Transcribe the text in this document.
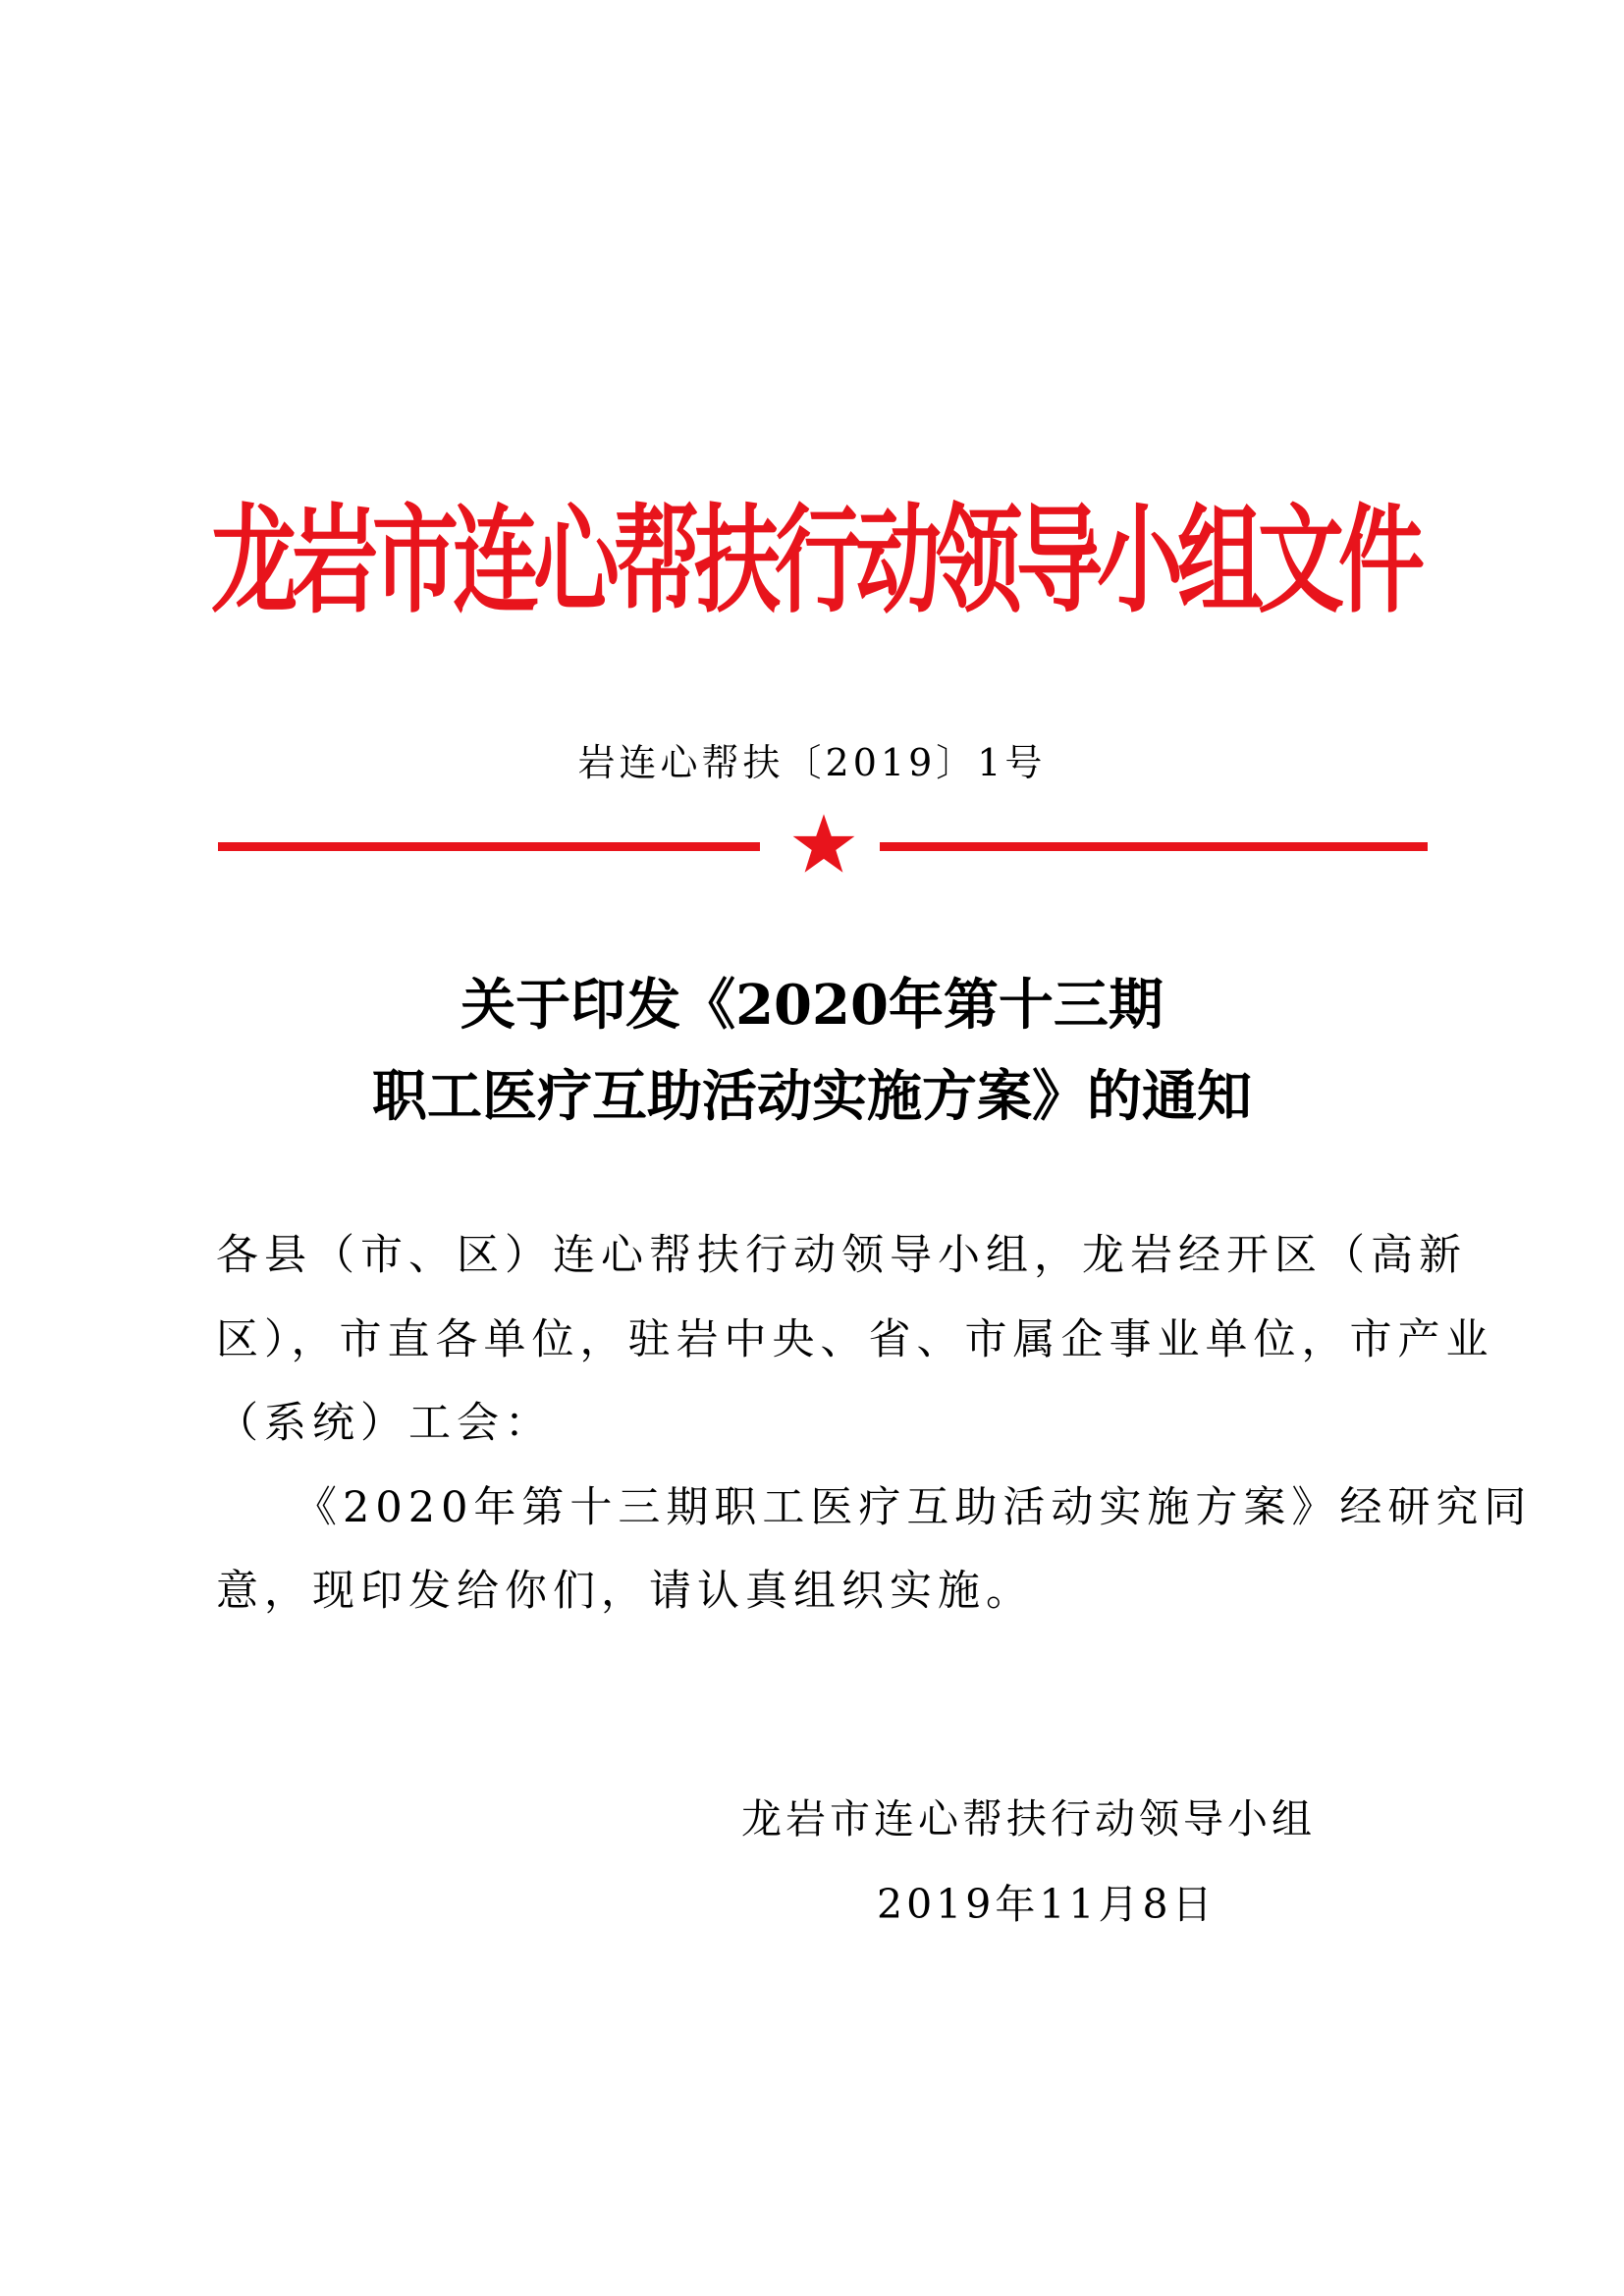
龙岩市连心帮扶行动领导小组文件
岩连心帮扶〔2019〕1号
关于印发《2020年第十三期
职工医疗互助活动实施方案》的通知
各县（市、区）连心帮扶行动领导小组，龙岩经开区（高新
区），市直各单位，驻岩中央、省、市属企事业单位，市产业
（系统）工会：
《2020年第十三期职工医疗互助活动实施方案》经研究同
意，现印发给你们，请认真组织实施。
龙岩市连心帮扶行动领导小组
2019年11月8日
